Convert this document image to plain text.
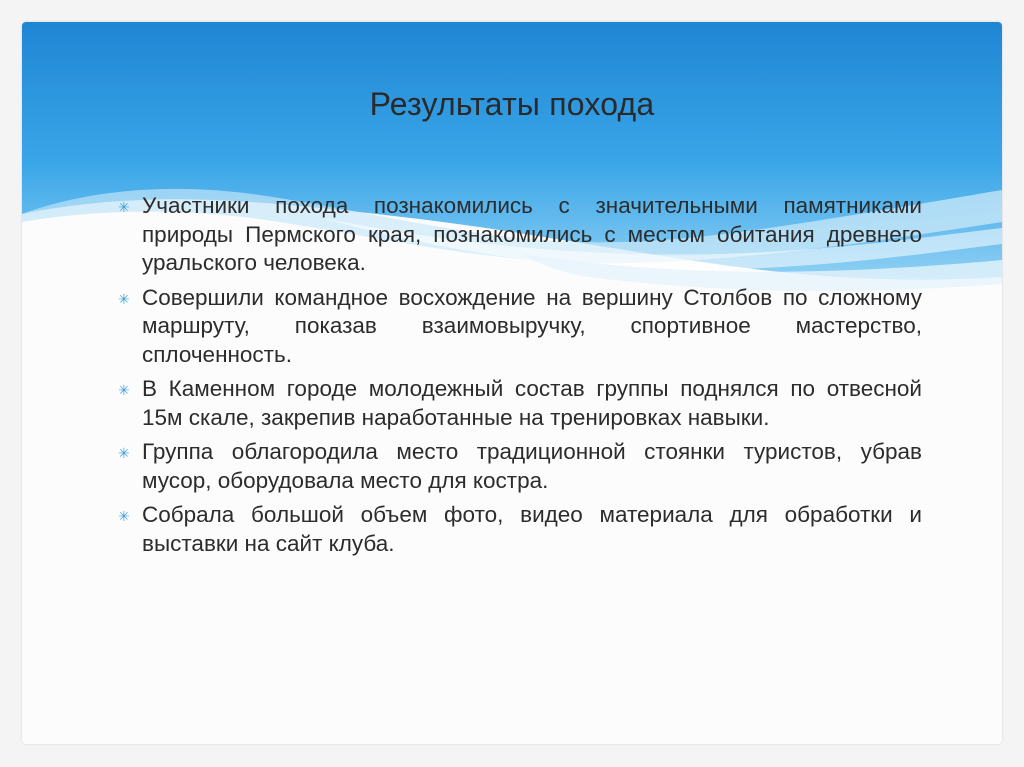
Результаты похода
✳ Участники похода познакомились с значительными памятниками природы Пермского края, познакомились с местом обитания древнего уральского человека.
✳ Совершили командное восхождение на вершину Столбов по сложному маршруту, показав взаимовыручку, спортивное мастерство, сплоченность.
✳ В Каменном городе молодежный состав группы поднялся по отвесной 15м скале, закрепив наработанные на тренировках навыки.
✳ Группа облагородила место традиционной стоянки туристов, убрав мусор, оборудовала место для костра.
✳ Собрала большой объем фото, видео материала для обработки и выставки на сайт клуба.
